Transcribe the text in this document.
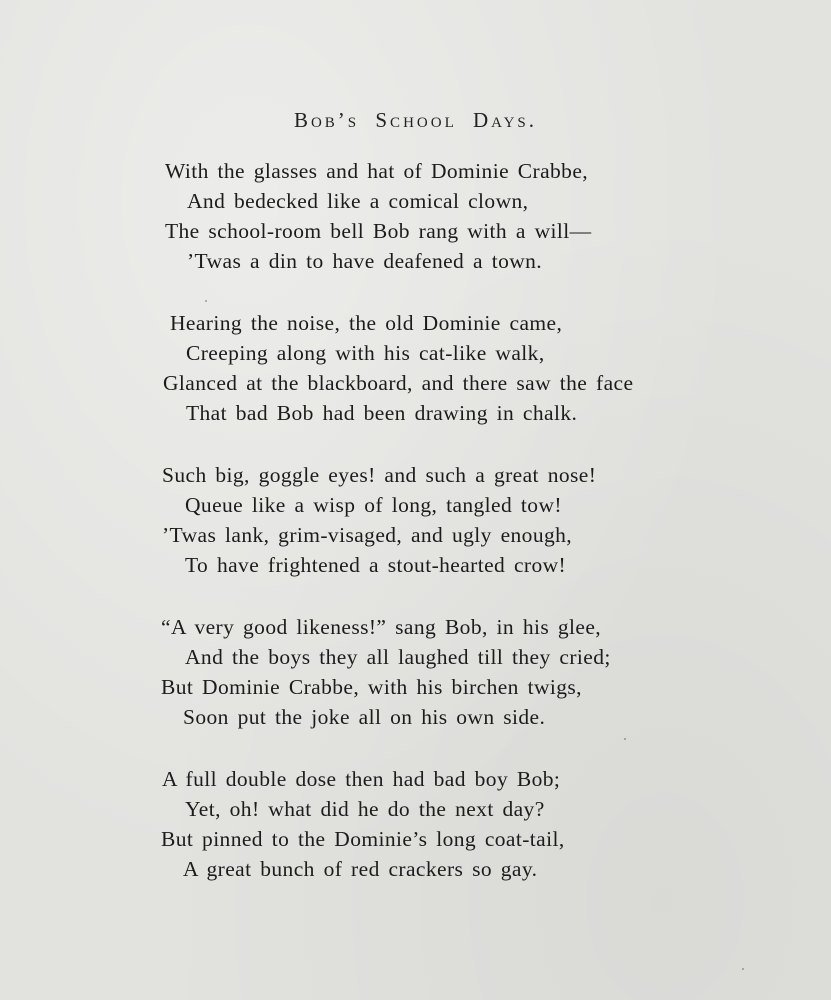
Bob’s School Days.
With the glasses and hat of Dominie Crabbe,
And bedecked like a comical clown,
The school-room bell Bob rang with a will—
’Twas a din to have deafened a town.
Hearing the noise, the old Dominie came,
Creeping along with his cat-like walk,
Glanced at the blackboard, and there saw the face
That bad Bob had been drawing in chalk.
Such big, goggle eyes! and such a great nose!
Queue like a wisp of long, tangled tow!
’Twas lank, grim-visaged, and ugly enough,
To have frightened a stout-hearted crow!
“A very good likeness!” sang Bob, in his glee,
And the boys they all laughed till they cried;
But Dominie Crabbe, with his birchen twigs,
Soon put the joke all on his own side.
A full double dose then had bad boy Bob;
Yet, oh! what did he do the next day?
But pinned to the Dominie’s long coat-tail,
A great bunch of red crackers so gay.
